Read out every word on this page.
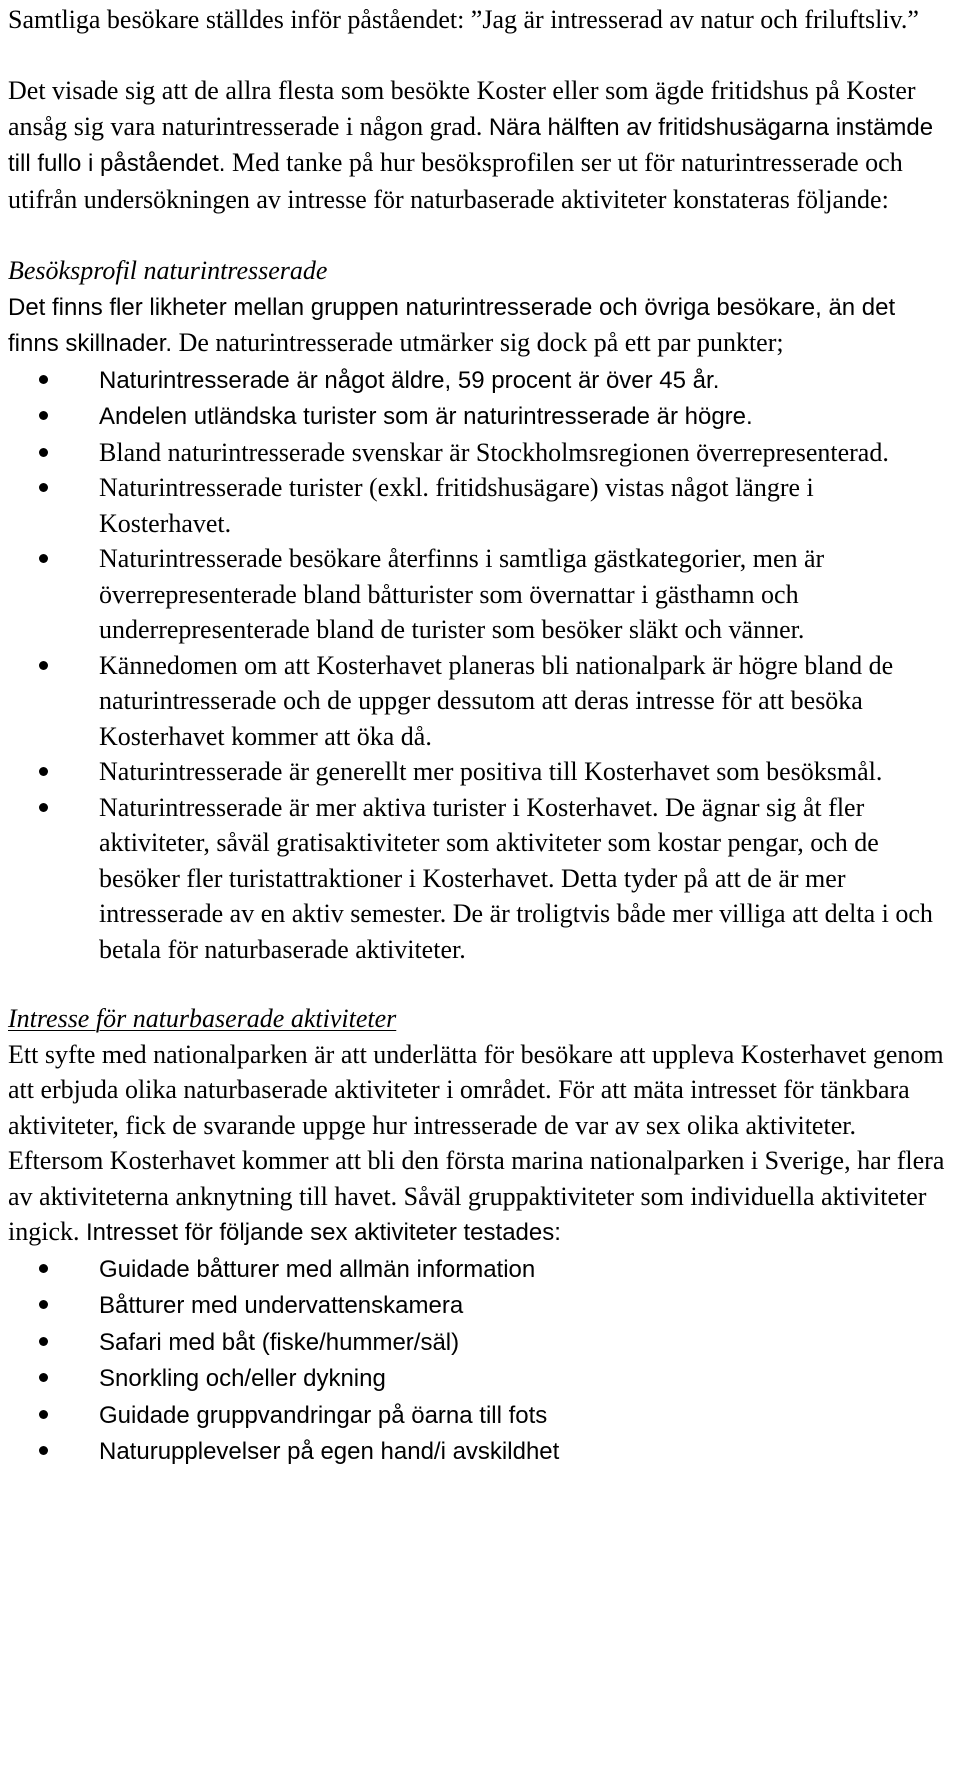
Samtliga besökare ställdes inför påståendet: ”Jag är intresserad av natur och friluftsliv.”

Det visade sig att de allra flesta som besökte Koster eller som ägde fritidshus på Koster ansåg sig vara naturintresserade i någon grad. Nära hälften av fritidshusägarna instämde till fullo i påståendet. Med tanke på hur besöksprofilen ser ut för naturintresserade och utifrån undersökningen av intresse för naturbaserade aktiviteter konstateras följande:

Besöksprofil naturintresserade

Det finns fler likheter mellan gruppen naturintresserade och övriga besökare, än det finns skillnader. De naturintresserade utmärker sig dock på ett par punkter;

Naturintresserade är något äldre, 59 procent är över 45 år.
Andelen utländska turister som är naturintresserade är högre.
Bland naturintresserade svenskar är Stockholmsregionen överrepresenterad.
Naturintresserade turister (exkl. fritidshusägare) vistas något längre i Kosterhavet.
Naturintresserade besökare återfinns i samtliga gästkategorier, men är överrepresenterade bland båtturister som övernattar i gästhamn och underrepresenterade bland de turister som besöker släkt och vänner.
Kännedomen om att Kosterhavet planeras bli nationalpark är högre bland de naturintresserade och de uppger dessutom att deras intresse för att besöka Kosterhavet kommer att öka då.
Naturintresserade är generellt mer positiva till Kosterhavet som besöksmål.
Naturintresserade är mer aktiva turister i Kosterhavet. De ägnar sig åt fler aktiviteter, såväl gratisaktiviteter som aktiviteter som kostar pengar, och de besöker fler turistattraktioner i Kosterhavet. Detta tyder på att de är mer intresserade av en aktiv semester. De är troligtvis både mer villiga att delta i och betala för naturbaserade aktiviteter.

Intresse för naturbaserade aktiviteter

Ett syfte med nationalparken är att underlätta för besökare att uppleva Kosterhavet genom att erbjuda olika naturbaserade aktiviteter i området. För att mäta intresset för tänkbara aktiviteter, fick de svarande uppge hur intresserade de var av sex olika aktiviteter. Eftersom Kosterhavet kommer att bli den första marina nationalparken i Sverige, har flera av aktiviteterna anknytning till havet. Såväl gruppaktiviteter som individuella aktiviteter ingick. Intresset för följande sex aktiviteter testades:

Guidade båtturer med allmän information
Båtturer med undervattenskamera
Safari med båt (fiske/hummer/säl)
Snorkling och/eller dykning
Guidade gruppvandringar på öarna till fots
Naturupplevelser på egen hand/i avskildhet
